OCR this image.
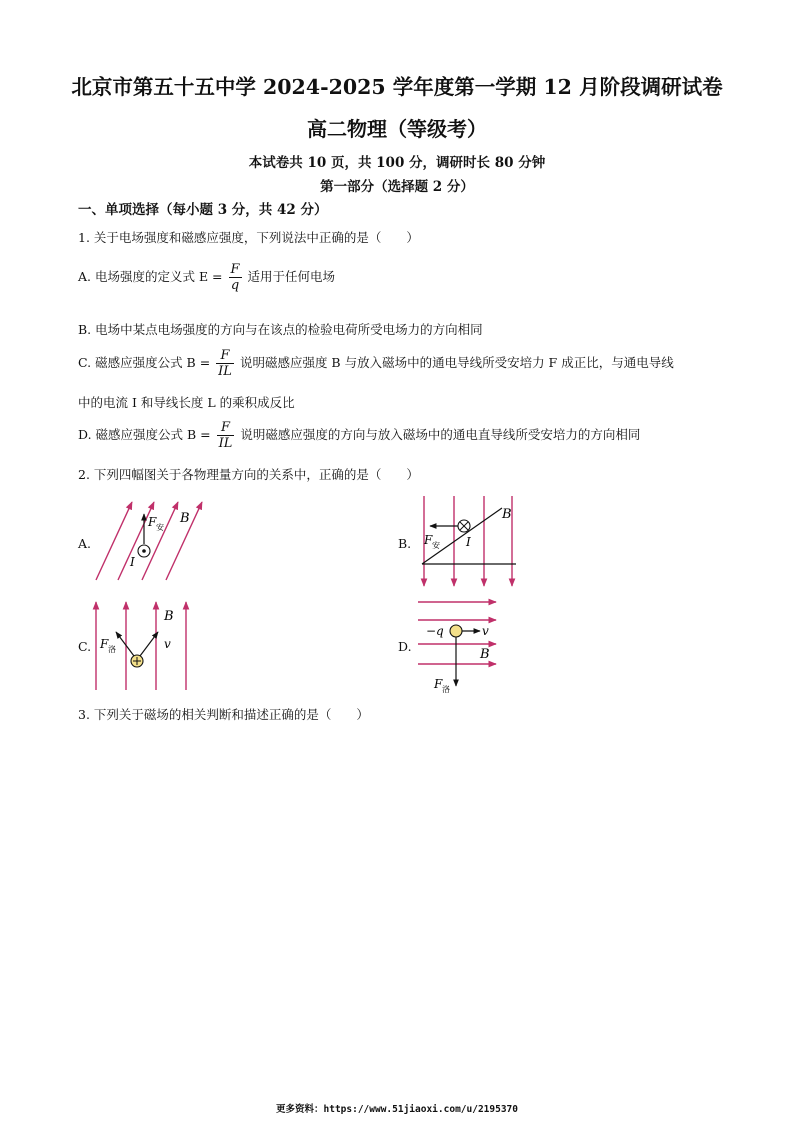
北京市第五十五中学 2024-2025 学年度第一学期 12 月阶段调研试卷
高二物理（等级考）
本试卷共 10 页，共 100 分，调研时长 80 分钟
第一部分（选择题 2 分）
一、单项选择（每小题 3 分，共 42 分）
1. 关于电场强度和磁感应强度，下列说法中正确的是（　　）
A. 电场强度的定义式 $E = \frac{F}{q}$ 适用于任何电场
B. 电场中某点电场强度的方向与在该点的检验电荷所受电场力的方向相同
C. 磁感应强度公式 $B = \frac{F}{IL}$ 说明磁感应强度 B 与放入磁场中的通电导线所受安培力 F 成正比，与通电导线
中的电流 I 和导线长度 L 的乘积成反比
D. 磁感应强度公式 $B = \frac{F}{IL}$ 说明磁感应强度的方向与放入磁场中的通电直导线所受安培力的方向相同
2. 下列四幅图关于各物理量方向的关系中，正确的是（　　）
A.	B.
C.	D.
F 安
B
I
F 安
B
I
F 洛
B
v
−q	v
B
F 洛
3. 下列关于磁场的相关判断和描述正确的是（　　）
更多资料：https://www.51jiaoxi.com/u/2195370
